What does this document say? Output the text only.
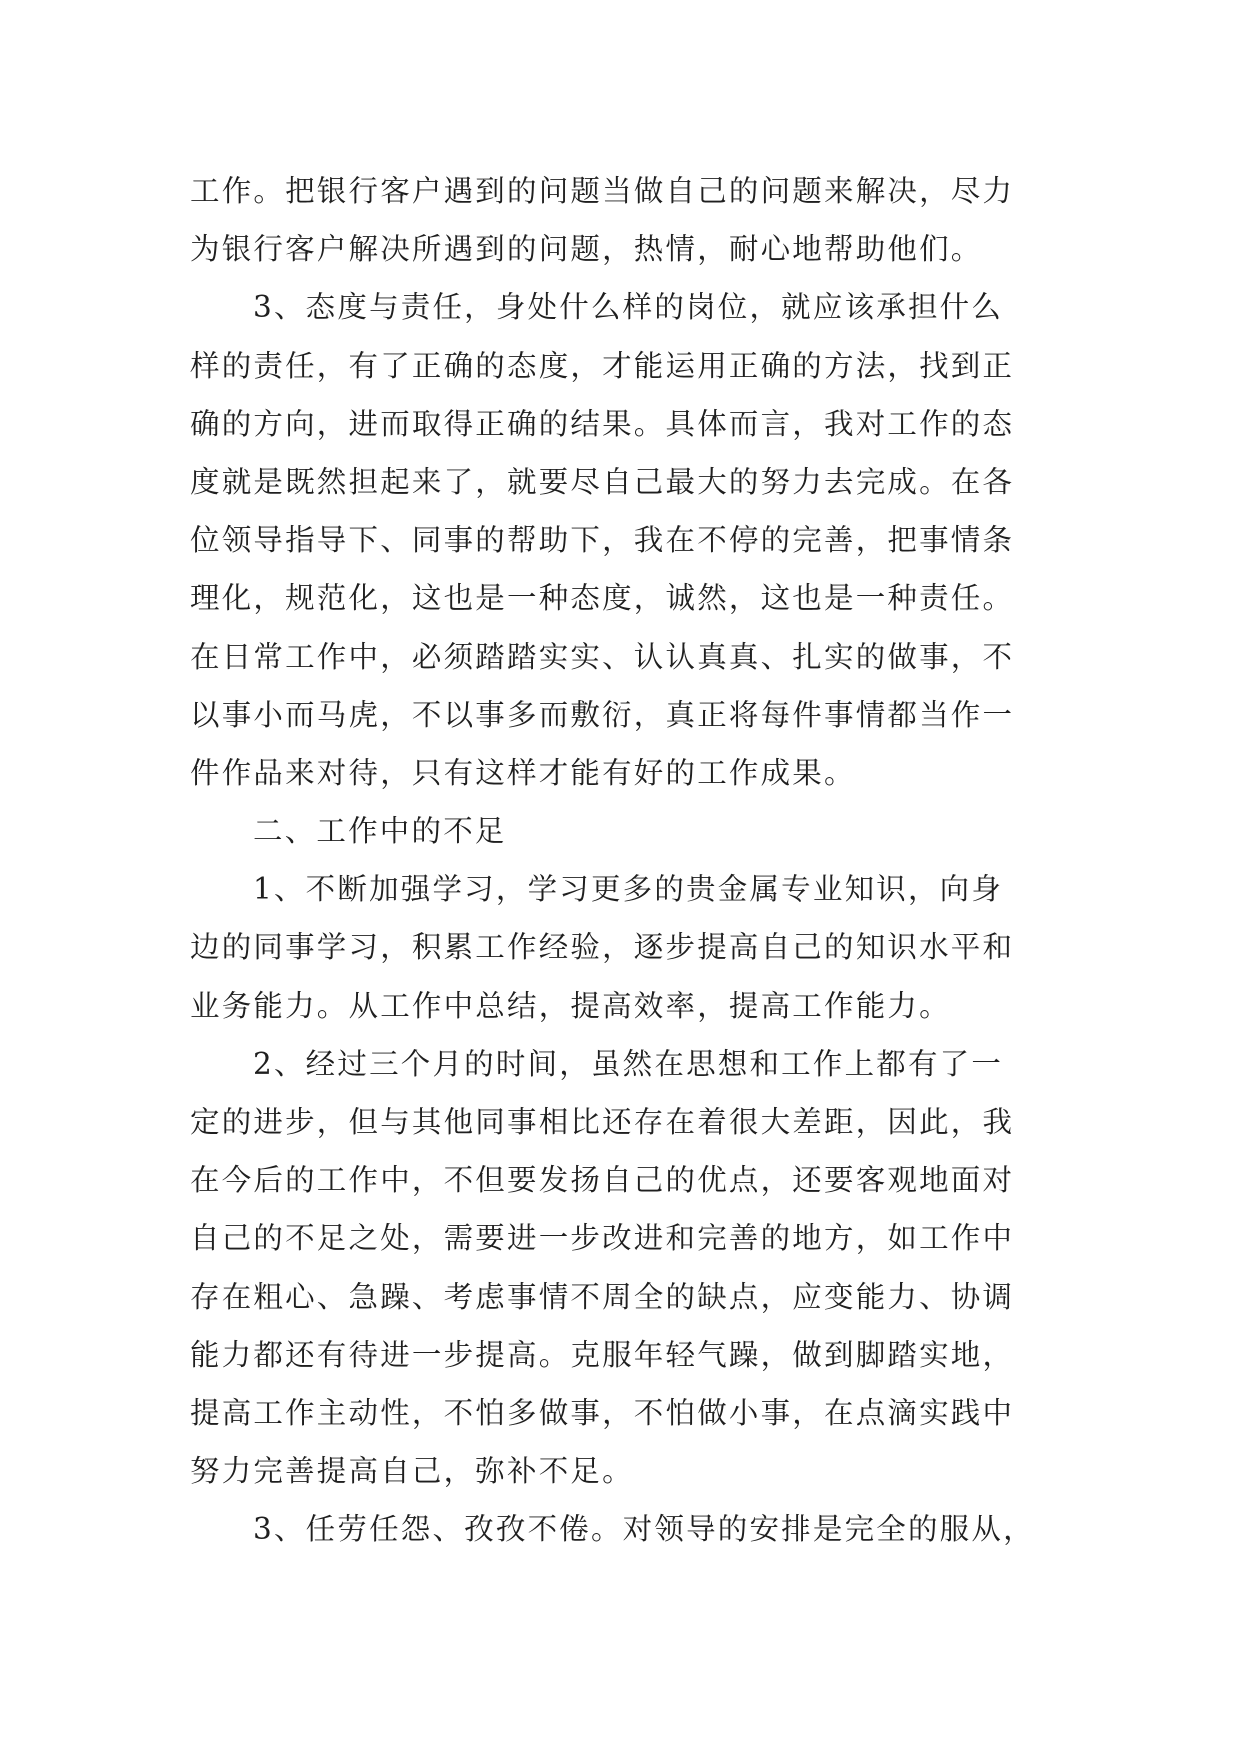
工作。把银行客户遇到的问题当做自己的问题来解决，尽力
为银行客户解决所遇到的问题，热情，耐心地帮助他们。
3、态度与责任，身处什么样的岗位，就应该承担什么
样的责任，有了正确的态度，才能运用正确的方法，找到正
确的方向，进而取得正确的结果。具体而言，我对工作的态
度就是既然担起来了，就要尽自己最大的努力去完成。在各
位领导指导下、同事的帮助下，我在不停的完善，把事情条
理化，规范化，这也是一种态度，诚然，这也是一种责任。
在日常工作中，必须踏踏实实、认认真真、扎实的做事，不
以事小而马虎，不以事多而敷衍，真正将每件事情都当作一
件作品来对待，只有这样才能有好的工作成果。
二、工作中的不足
1、不断加强学习，学习更多的贵金属专业知识，向身
边的同事学习，积累工作经验，逐步提高自己的知识水平和
业务能力。从工作中总结，提高效率，提高工作能力。
2、经过三个月的时间，虽然在思想和工作上都有了一
定的进步，但与其他同事相比还存在着很大差距，因此，我
在今后的工作中，不但要发扬自己的优点，还要客观地面对
自己的不足之处，需要进一步改进和完善的地方，如工作中
存在粗心、急躁、考虑事情不周全的缺点，应变能力、协调
能力都还有待进一步提高。克服年轻气躁，做到脚踏实地，
提高工作主动性，不怕多做事，不怕做小事，在点滴实践中
努力完善提高自己，弥补不足。
3、任劳任怨、孜孜不倦。对领导的安排是完全的服从，
